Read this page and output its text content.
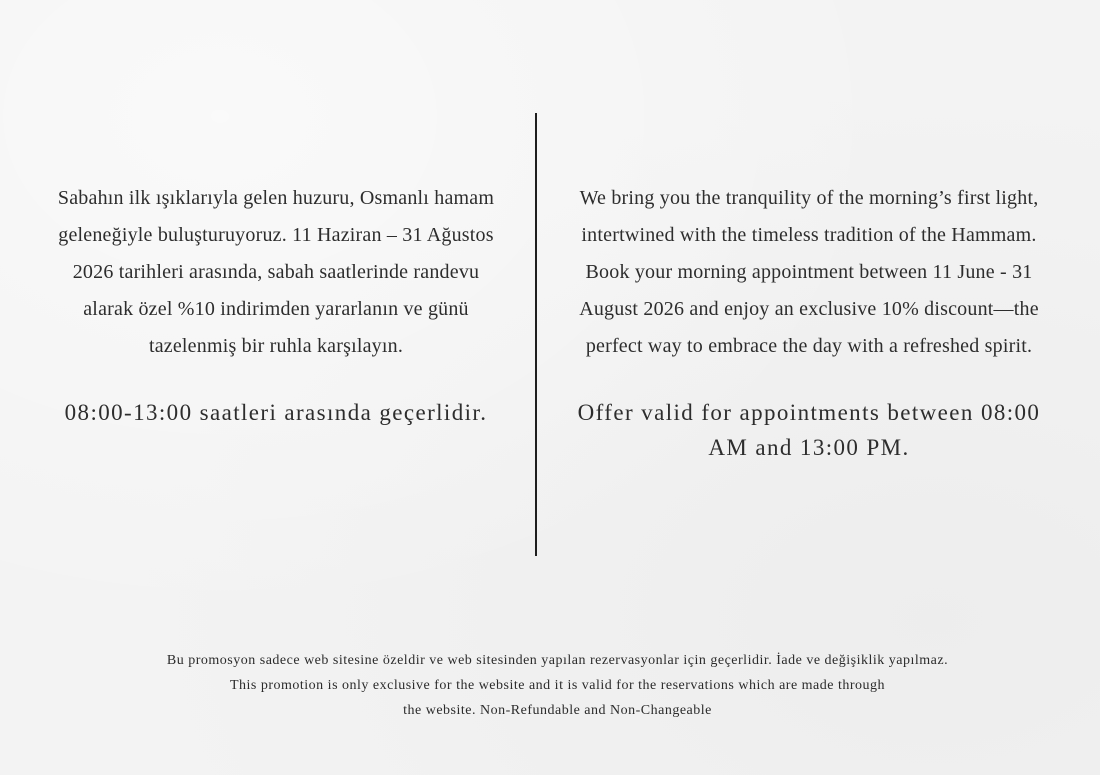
Sabahın ilk ışıklarıyla gelen huzuru, Osmanlı hamam geleneğiyle buluşturuyoruz. 11 Haziran – 31 Ağustos 2026 tarihleri arasında, sabah saatlerinde randevu alarak özel %10 indirimden yararlanın ve günü tazelenmiş bir ruhla karşılayın.

08:00-13:00 saatleri arasında geçerlidir.

We bring you the tranquility of the morning’s first light, intertwined with the timeless tradition of the Hammam. Book your morning appointment between 11 June - 31 August 2026 and enjoy an exclusive 10% discount—the perfect way to embrace the day with a refreshed spirit.

Offer valid for appointments between 08:00 AM and 13:00 PM.

Bu promosyon sadece web sitesine özeldir ve web sitesinden yapılan rezervasyonlar için geçerlidir. İade ve değişiklik yapılmaz.
This promotion is only exclusive for the website and it is valid for the reservations which are made through
the website. Non-Refundable and Non-Changeable
